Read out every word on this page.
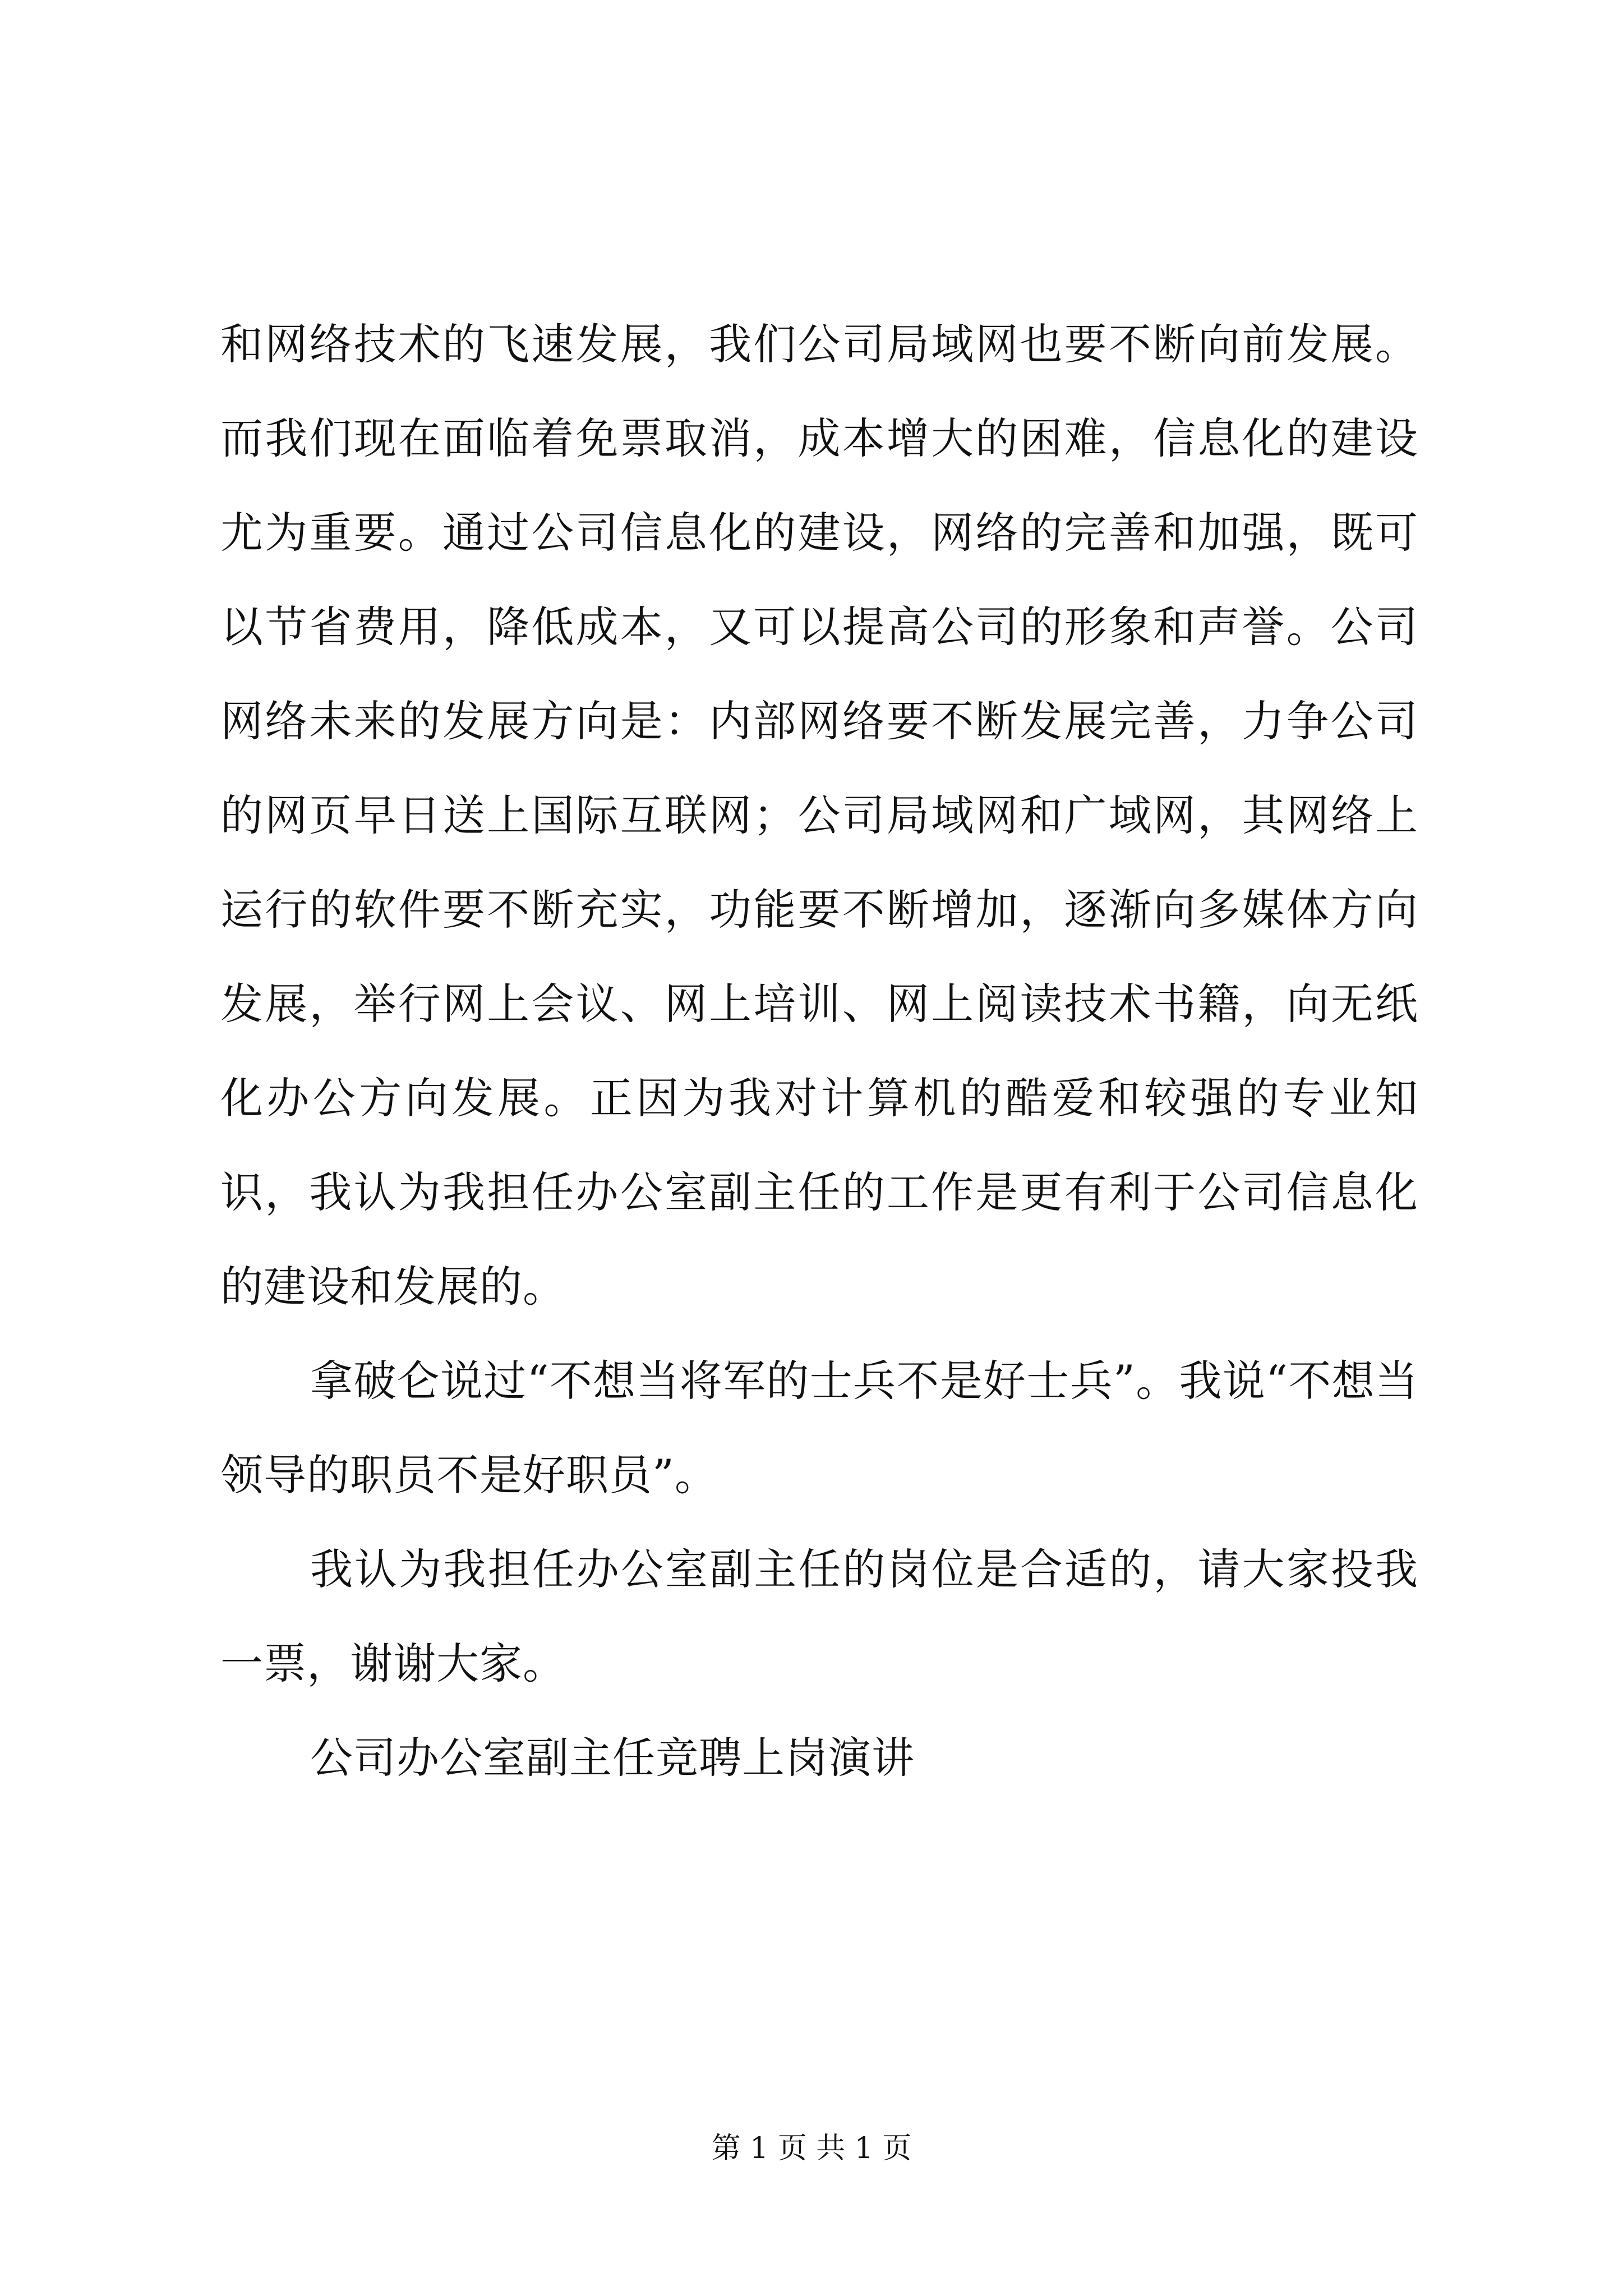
和网络技术的飞速发展，我们公司局域网也要不断向前发展。而我们现在面临着免票取消，成本增大的困难，信息化的建设尤为重要。通过公司信息化的建设，网络的完善和加强，既可以节省费用，降低成本，又可以提高公司的形象和声誉。公司网络未来的发展方向是：内部网络要不断发展完善，力争公司的网页早日送上国际互联网；公司局域网和广域网，其网络上运行的软件要不断充实，功能要不断增加，逐渐向多媒体方向发展，举行网上会议、网上培训、网上阅读技术书籍，向无纸化办公方向发展。正因为我对计算机的酷爱和较强的专业知识，我认为我担任办公室副主任的工作是更有利于公司信息化的建设和发展的。

拿破仑说过“不想当将军的士兵不是好士兵”。我说“不想当领导的职员不是好职员”。

我认为我担任办公室副主任的岗位是合适的，请大家投我一票，谢谢大家。

公司办公室副主任竞聘上岗演讲

第 1 页 共 1 页
